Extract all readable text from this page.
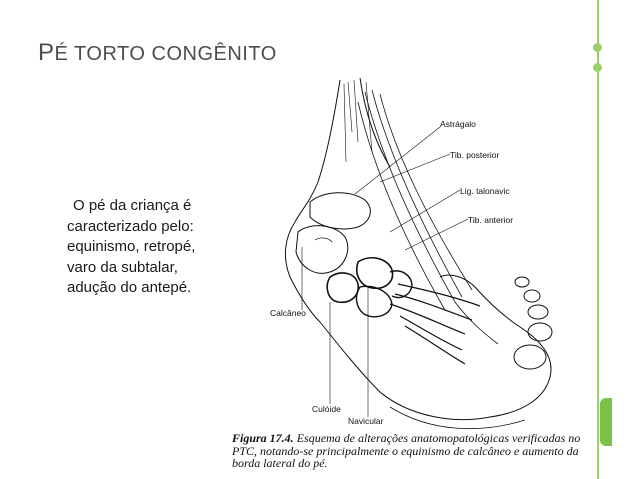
PÉ TORTO CONGÊNITO
O pé da criança é
caracterizado pelo:
equinismo, retropé,
varo da subtalar,
adução do antepé.
Astrágalo
Tib. posterior
Lig. talonavic
Tib. anterior
Calcâneo
Culóide
Navicular
Figura 17.4. Esquema de alterações anatomopatológicas verificadas no
PTC, notando-se principalmente o equinismo de calcâneo e aumento da
borda lateral do pé.
